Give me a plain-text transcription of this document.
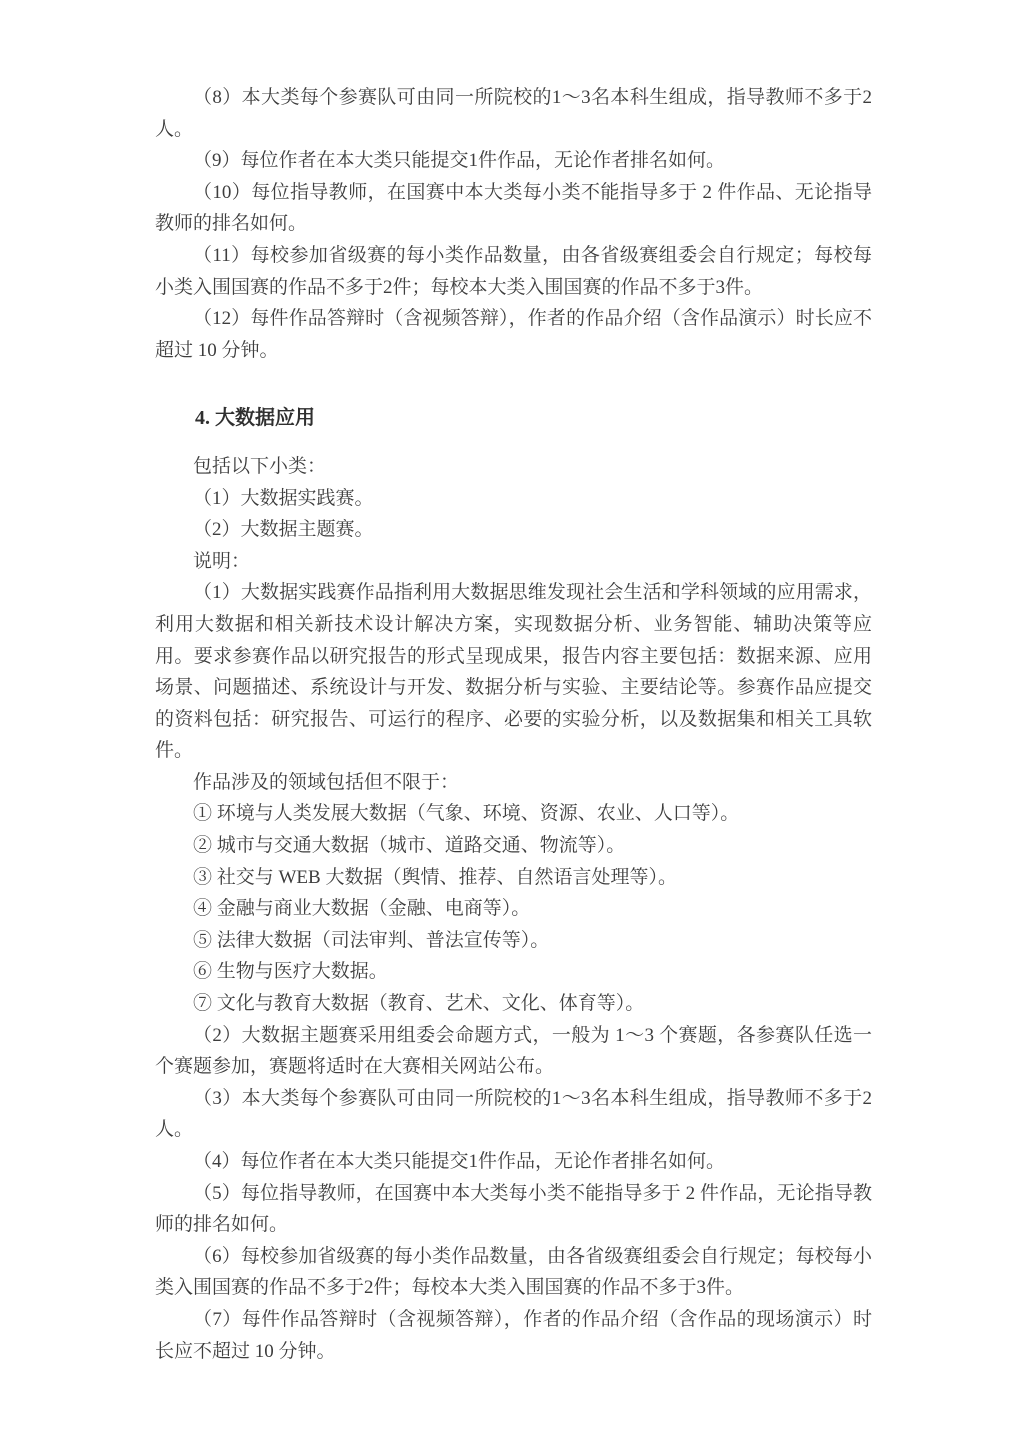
（8）本大类每个参赛队可由同一所院校的1～3名本科生组成，指导教师不多于2人。

（9）每位作者在本大类只能提交1件作品，无论作者排名如何。

（10）每位指导教师，在国赛中本大类每小类不能指导多于 2 件作品、无论指导教师的排名如何。

（11）每校参加省级赛的每小类作品数量，由各省级赛组委会自行规定；每校每小类入围国赛的作品不多于2件；每校本大类入围国赛的作品不多于3件。

（12）每件作品答辩时（含视频答辩），作者的作品介绍（含作品演示）时长应不超过 10 分钟。

4. 大数据应用

包括以下小类：

（1）大数据实践赛。

（2）大数据主题赛。

说明：

（1）大数据实践赛作品指利用大数据思维发现社会生活和学科领域的应用需求，利用大数据和相关新技术设计解决方案，实现数据分析、业务智能、辅助决策等应用。要求参赛作品以研究报告的形式呈现成果，报告内容主要包括：数据来源、应用场景、问题描述、系统设计与开发、数据分析与实验、主要结论等。参赛作品应提交的资料包括：研究报告、可运行的程序、必要的实验分析，以及数据集和相关工具软件。

作品涉及的领域包括但不限于：

① 环境与人类发展大数据（气象、环境、资源、农业、人口等）。

② 城市与交通大数据（城市、道路交通、物流等）。

③ 社交与 WEB 大数据（舆情、推荐、自然语言处理等）。

④ 金融与商业大数据（金融、电商等）。

⑤ 法律大数据（司法审判、普法宣传等）。

⑥ 生物与医疗大数据。

⑦ 文化与教育大数据（教育、艺术、文化、体育等）。

（2）大数据主题赛采用组委会命题方式，一般为 1～3 个赛题，各参赛队任选一个赛题参加，赛题将适时在大赛相关网站公布。

（3）本大类每个参赛队可由同一所院校的1～3名本科生组成，指导教师不多于2人。

（4）每位作者在本大类只能提交1件作品，无论作者排名如何。

（5）每位指导教师，在国赛中本大类每小类不能指导多于 2 件作品，无论指导教师的排名如何。

（6）每校参加省级赛的每小类作品数量，由各省级赛组委会自行规定；每校每小类入围国赛的作品不多于2件；每校本大类入围国赛的作品不多于3件。

（7）每件作品答辩时（含视频答辩），作者的作品介绍（含作品的现场演示）时长应不超过 10 分钟。
